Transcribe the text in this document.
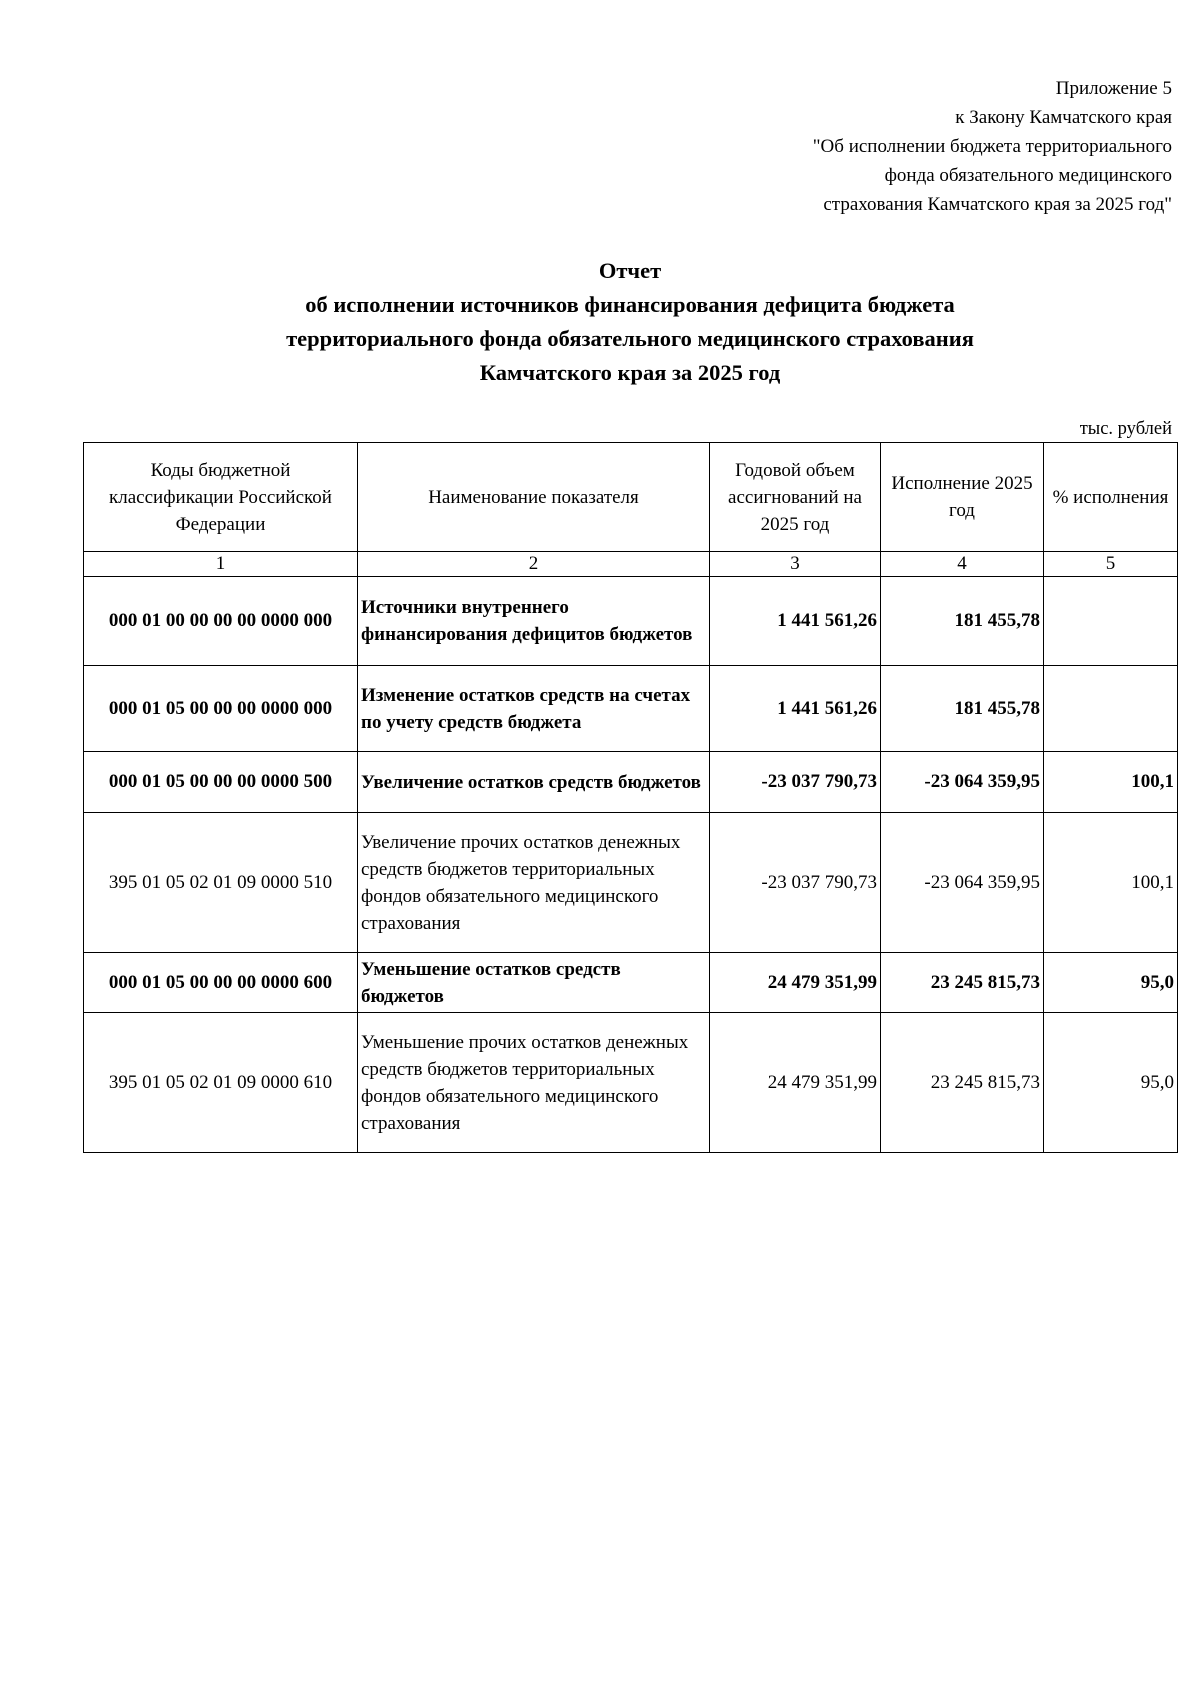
Приложение 5
к Закону Камчатского края
"Об исполнении бюджета территориального
фонда обязательного медицинского
страхования Камчатского края за 2025 год"
Отчет
об исполнении источников финансирования дефицита бюджета
территориального фонда обязательного медицинского страхования
Камчатского края за 2025 год
тыс. рублей
Коды бюджетной классификации Российской Федерации	Наименование показателя	Годовой объем ассигнований на 2025 год	Исполнение 2025 год	% исполнения
1	2	3	4	5
000 01 00 00 00 00 0000 000	Источники внутреннего финансирования дефицитов бюджетов	1 441 561,26	181 455,78	
000 01 05 00 00 00 0000 000	Изменение остатков средств на счетах по учету средств бюджета	1 441 561,26	181 455,78	
000 01 05 00 00 00 0000 500	Увеличение остатков средств бюджетов	-23 037 790,73	-23 064 359,95	100,1
395 01 05 02 01 09 0000 510	Увеличение прочих остатков денежных средств бюджетов территориальных фондов обязательного медицинского страхования	-23 037 790,73	-23 064 359,95	100,1
000 01 05 00 00 00 0000 600	Уменьшение остатков средств бюджетов	24 479 351,99	23 245 815,73	95,0
395 01 05 02 01 09 0000 610	Уменьшение прочих остатков денежных средств бюджетов территориальных фондов обязательного медицинского страхования	24 479 351,99	23 245 815,73	95,0
